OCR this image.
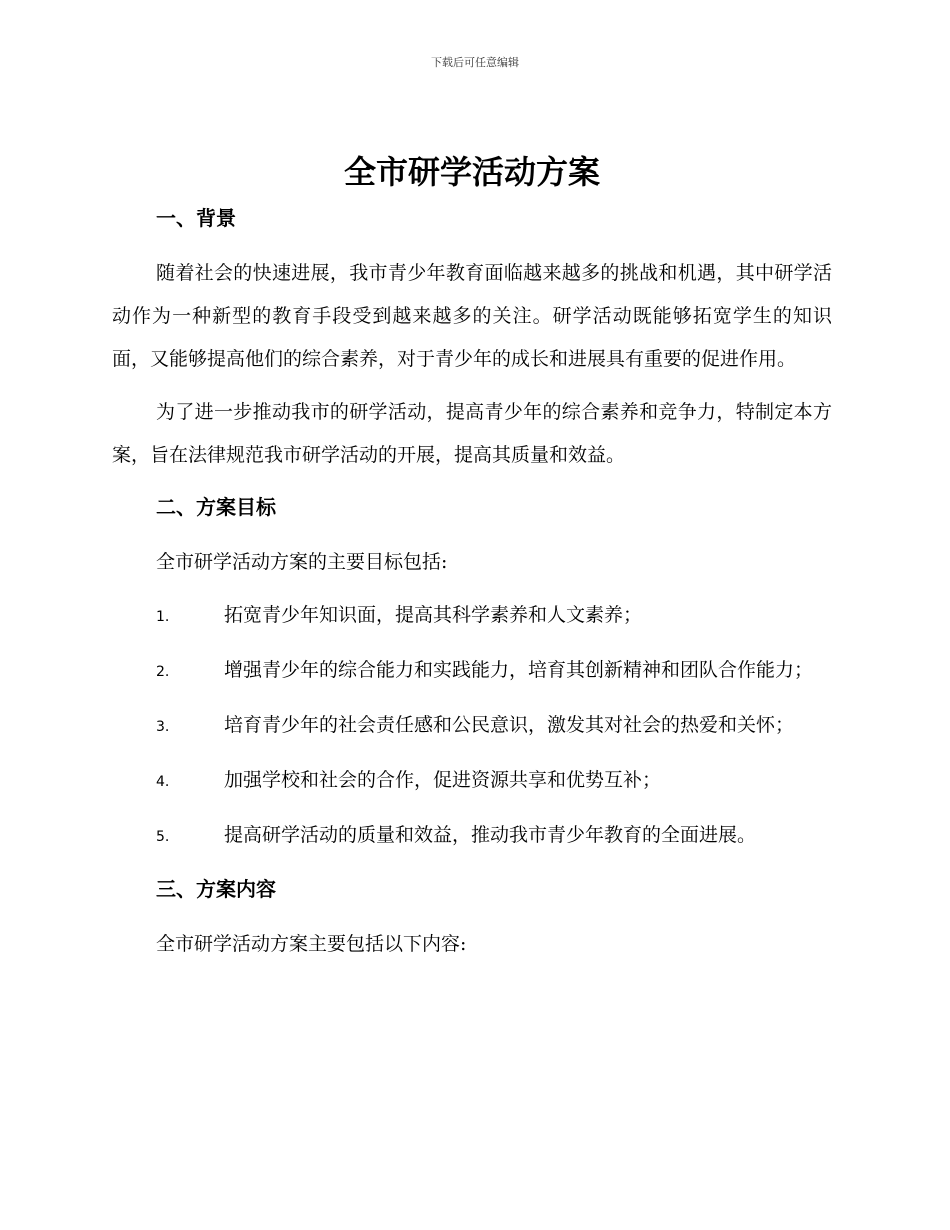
下载后可任意编辑
全市研学活动方案
一、背景

随着社会的快速进展，我市青少年教育面临越来越多的挑战和机遇，其中研学活动作为一种新型的教育手段受到越来越多的关注。研学活动既能够拓宽学生的知识面，又能够提高他们的综合素养，对于青少年的成长和进展具有重要的促进作用。

为了进一步推动我市的研学活动，提高青少年的综合素养和竞争力，特制定本方案，旨在法律规范我市研学活动的开展，提高其质量和效益。

二、方案目标

全市研学活动方案的主要目标包括:

1.	拓宽青少年知识面，提高其科学素养和人文素养；

2.	增强青少年的综合能力和实践能力，培育其创新精神和团队合作能力；

3.	培育青少年的社会责任感和公民意识，激发其对社会的热爱和关怀；

4.	加强学校和社会的合作，促进资源共享和优势互补；

5.	提高研学活动的质量和效益，推动我市青少年教育的全面进展。

三、方案内容

全市研学活动方案主要包括以下内容:
